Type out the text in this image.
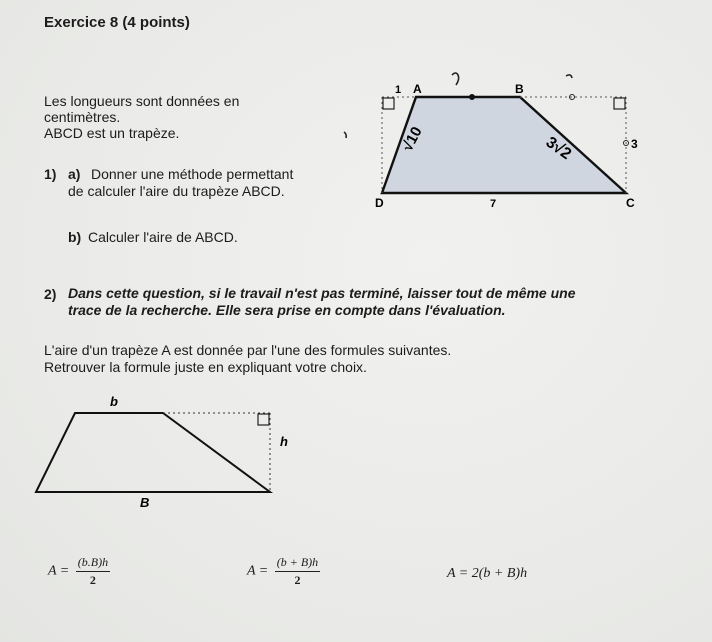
Exercice 8 (4 points)
Les longueurs sont données en
centimètres.
ABCD est un trapèze.
1) a) Donner une méthode permettant
de calculer l'aire du trapèze ABCD.
b) Calculer l'aire de ABCD.
2) Dans cette question, si le travail n'est pas terminé, laisser tout de même une
trace de la recherche. Elle sera prise en compte dans l'évaluation.
L'aire d'un trapèze A est donnée par l'une des formules suivantes.
Retrouver la formule juste en expliquant votre choix.
1 A	B
C
D
3
7
√10	3√2
b
h
B
$A = \frac{(b.B)h}{2}$	$A = \frac{(b + B)h}{2}$	A = 2(b + B)h
